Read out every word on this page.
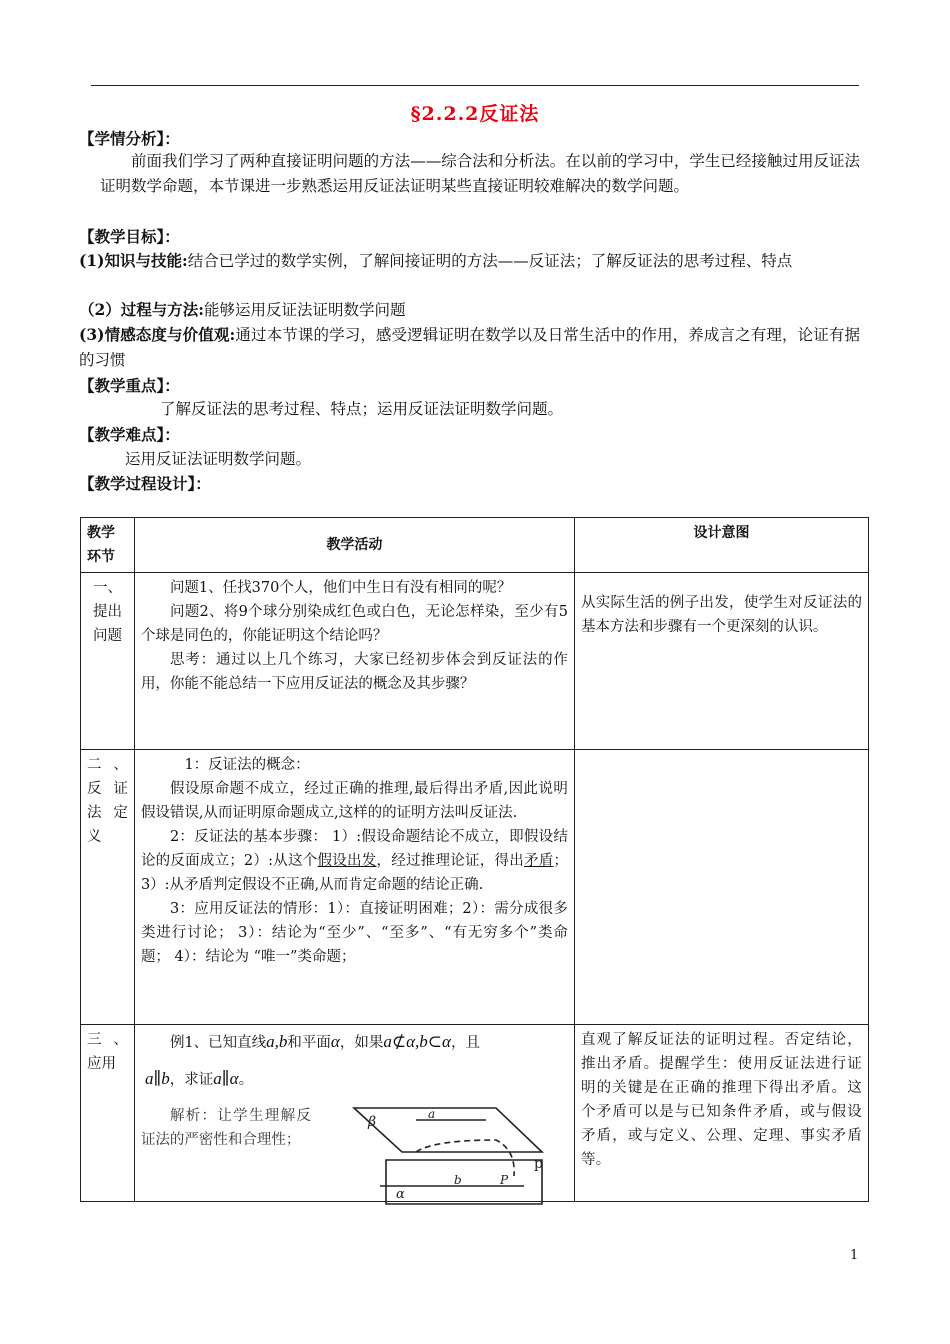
§2.2.2反证法
【学情分析】：
前面我们学习了两种直接证明问题的方法——综合法和分析法。在以前的学习中，学生已经接触过用反证法证明数学命题，本节课进一步熟悉运用反证法证明某些直接证明较难解决的数学问题。
【教学目标】：
(1)知识与技能:结合已学过的数学实例，了解间接证明的方法——反证法；了解反证法的思考过程、特点
（2）过程与方法:能够运用反证法证明数学问题
(3)情感态度与价值观:通过本节课的学习，感受逻辑证明在数学以及日常生活中的作用，养成言之有理，论证有据的习惯
【教学重点】：
了解反证法的思考过程、特点；运用反证法证明数学问题。
【教学难点】：
运用反证法证明数学问题。
【教学过程设计】：
教学环节	教学活动	设计意图
一、提出问题	问题1、任找370个人，他们中生日有没有相同的呢？

问题2、将9个球分别染成红色或白色，无论怎样染，至少有5个球是同色的，你能证明这个结论吗？

思考：通过以上几个练习，大家已经初步体会到反证法的作用，你能不能总结一下应用反证法的概念及其步骤？	从实际生活的例子出发，使学生对反证法的基本方法和步骤有一个更深刻的认识。
二、反 证 法 定 义	1：反证法的概念：

假设原命题不成立，经过正确的推理,最后得出矛盾,因此说明假设错误,从而证明原命题成立,这样的的证明方法叫反证法.

2：反证法的基本步骤： 1）:假设命题结论不成立，即假设结论的反面成立；2）:从这个假设出发，经过推理论证，得出矛盾；3）:从矛盾判定假设不正确,从而肯定命题的结论正确.

3：应用反证法的情形：1）：直接证明困难；2）：需分成很多类进行讨论； 3）：结论为“至少”、“至多”、“有无穷多个”类命题； 4）：结论为 “唯一”类命题；	

三、应用	例1、已知直线a,b和平面α，如果a⊄α,b⊂α，且

a∥b，求证a∥α。

解析：让学生理解反证法的严密性和合理性；	直观了解反证法的证明过程。否定结论，推出矛盾。提醒学生：使用反证法进行证明的关键是在正确的推理下得出矛盾。这个矛盾可以是与已知条件矛盾，或与假设矛盾，或与定义、公理、定理、事实矛盾等。
β	a
p
α
b	P
1
